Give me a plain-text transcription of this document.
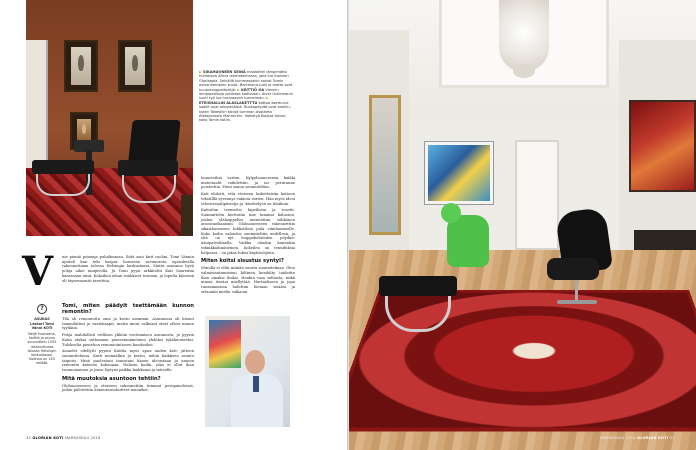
► SIKAHUONEEN SEINÄ maalattiin lämpimäksi huhtalava Africa lahmakernassa, joka luo mainion Gloriaapia. Seinällä kummassakin saivat Tomin esivanhempien kuvat. Barcelona-tuoli ja matto ovat huutokauppalöytöjä. ► KEITTIÖ OA Viennin lempipaikkoja suldessa kodissaan. Alvar Guilemanin suuri työ luo hurmaavan tunnelman. ► ETEISHALLIN ALASLAKETTTU kattoa asettunut saaliit ovat alkuperäisiä. Ruokapöydät ovat saariin, kuten Takeshiin taidot tumman Asotheta Alessanrosta Mahmirtiin. Valkotyö Koistot toivoo koko Tomin kotiin.
?
ASUKAS
Läskari Tomi Vänni KOTI
Neljä huoneeha, keittiö ja sauna suunnittelu 1925 rakennetussa talossa Helsingin keskustassa. Kodissa on 143 neliötä.
V uie pieniä poimuja puhalimassa. Siitä asui kirit raolini, Tomi Vännin ajatteli kun teki kaspar hornssen asvunnesta ogaruhvalla rakennuttama talossa Helsingin keskustassa. Mutta asunnon hyvä pohja aikoi innipivolla. Ja Tomi pyysi arkkitehti Kati Saarenim kansssaan niisä. Kaksikon idean runkkiset toisiaan, ja lopulta kässissä oli täysremontti tarvittua.

Tomi, miten päädyit teettämään kunnon remontin?

Tila oli remontottu oma ja kovin aiemmin. Asunnossa oli hienot tammilattiat ja vaatekaapit, mutta muut valkeaat eivät olleet minun tyyliäini.

Pohja mahdollisti erillisen ykköin erottamisen asunnosta, ja pyysin Katia alukai suttamaan pienvenmämöinen yhdeksi tyköhuoneeksi. Tulokselta pienehon remontointiosen kondosiksi.

Asuudet edellytti pyysin Katilta myös apua uuden koti- jätteen suunnittelussa. Katti mennätkin jo kertoi, mihin kaikkeen asunto taipuisi. Minä puolestani innostuin hänen ideoistaan ja annoin remontin katseen kokonaan. Halusin kodin, joka ei ollut ihan tavanomainen ja jossa löytyisi paikka kaikkeani ja taiteelle.

Mitä muutoksia asuntoon tehtiin?

Olohuoneeseen ja eteiseen rakennettiin tummat pesupaneleisat, joihin piilotettiin äänentoistolaitteet muoniksi.

luuustoihin varten. Kylpyhuoneeseen kaikki materiaalit vaihdettiin, ja iso peruranne poistettiin. Pieni sauna suunniteltiin.

Kati ehdotti, että eteiseen laskettaisiin kattoon tekstilllä syvennys vakiota varten. Hän myös ideoi tehostevaalipiirintja ja -käsittelyöä on tiluikoin.

Kattoilun teemeitio kipoilistai ja rosetit. Suunnittelin kerttoiiin tine tummat kaluston, joiden ylälaajipeliin asennettiin sähkönen aroosimekanismi. Olohuoneeseen rakennettiin sikarihuoneena lukkotiloin pala viiniluumeelle. Koko kodin valaistus suunniteltiin uudelleen, ja sitä on nyt hoippekohteiden pöydän-äänipalvelimella. Vaikka olenkin kuitenkin teknikkaihmineinen, kokeilen on tennifuksia helpossa – en jaksa lukea käyttöohjeita.

Miten koitsi sisustus syntyi?

Minulla ei ollut mitään suurta suunnitelmaa. Olen valmistautumisteni kiltinen kendälty taideitta ihan omaksi iloiksi. Haukin vain sellaista, mikä minua itseäni miellyttää. Hartaaliseen ja jopa runsaimmissa haluttiin hieman sisääni ja selaaniin mielin valkaoin.

32 GLORIAN KOTI MARRASKUU 2018	MARRASKUU 2018 GLORIAN KOTI 33
